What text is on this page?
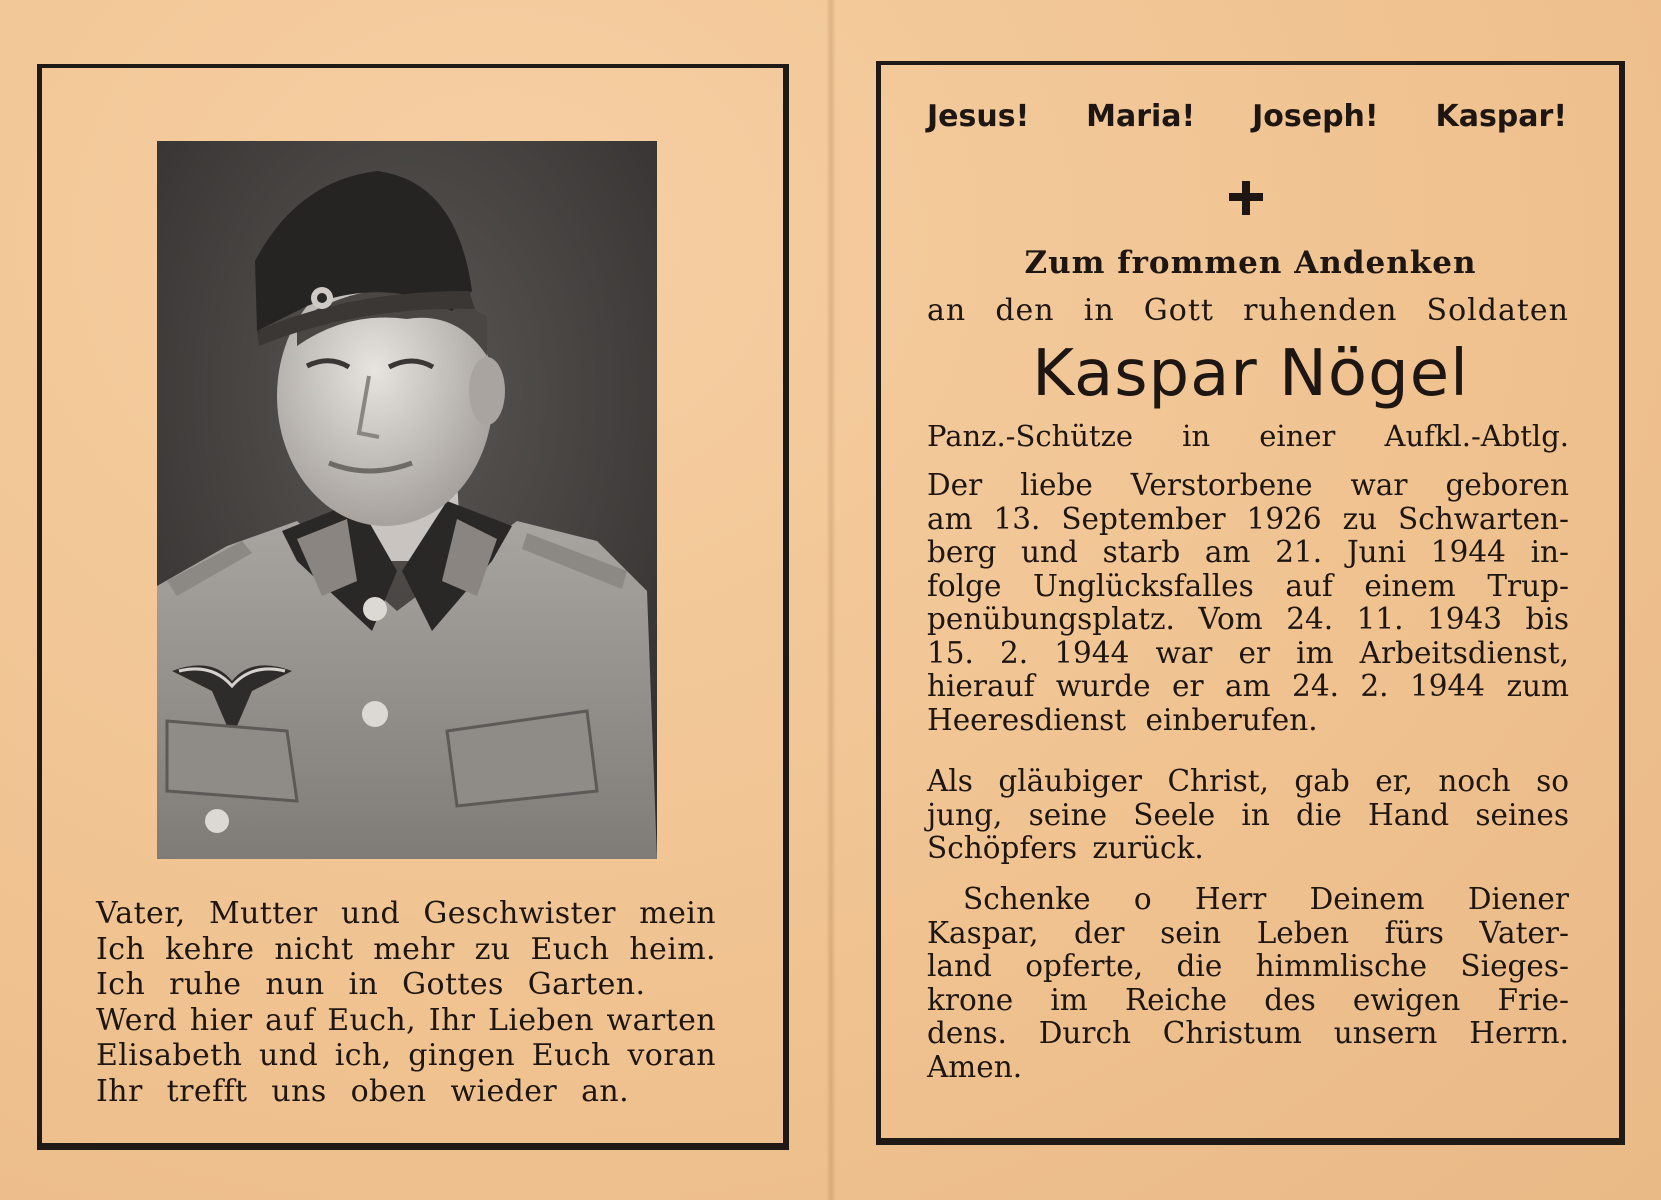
Vater, Mutter und Geschwister mein
Ich kehre nicht mehr zu Euch heim.
Ich ruhe nun in Gottes Garten.
Werd hier auf Euch, Ihr Lieben warten
Elisabeth und ich, gingen Euch voran
Ihr trefft uns oben wieder an.
Jesus! Maria! Joseph! Kaspar!
Zum frommen Andenken
an den in Gott ruhenden Soldaten
Kaspar Nögel
Panz.-Schütze in einer Aufkl.-Abtlg.
Der liebe Verstorbene war geboren
am 13. September 1926 zu Schwarten-
berg und starb am 21. Juni 1944 in-
folge Unglücksfalles auf einem Trup-
penübungsplatz. Vom 24. 11. 1943 bis
15. 2. 1944 war er im Arbeitsdienst,
hierauf wurde er am 24. 2. 1944 zum
Heeresdienst einberufen.
Als gläubiger Christ, gab er, noch so
jung, seine Seele in die Hand seines
Schöpfers zurück.
Schenke o Herr Deinem Diener
Kaspar, der sein Leben fürs Vater-
land opferte, die himmlische Sieges-
krone im Reiche des ewigen Frie-
dens. Durch Christum unsern Herrn.
Amen.
